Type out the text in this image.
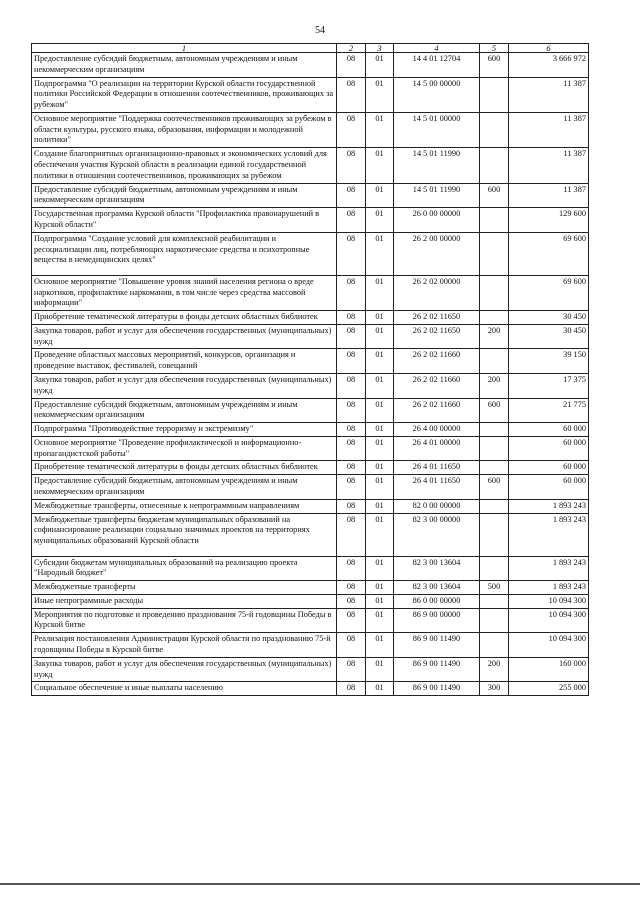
54
1	2	3	4	5	6
Предоставление субсидий бюджетным, автономным учреждениям и иным некоммерческим организациям	08	01	14 4 01 12704	600	3 666 972
Подпрограмма "О реализации на территории Курской области государственной политики Российской Федерации в отношении соотечественников, проживающих за рубежом"	08	01	14 5 00 00000		11 387
Основное мероприятие "Поддержка соотечественников проживающих за рубежом в области культуры, русского языка, образования, информации и молодежной политики"	08	01	14 5 01 00000		11 387
Создание благоприятных организационно-правовых и экономических условий для обеспечения участия Курской области в реализации единой государственной политики в отношении соотечественников, проживающих за рубежом	08	01	14 5 01 11990		11 387
Предоставление субсидий бюджетным, автономным учреждениям и иным некоммерческим организациям	08	01	14 5 01 11990	600	11 387
Государственная программа Курской области "Профилактика правонарушений в Курской области"	08	01	26 0 00 00000		129 600
Подпрограмма "Создание условий для комплексной реабилитации и ресоциализации лиц, потребляющих наркотические средства и психотропные вещества в немедицинских целях"	08	01	26 2 00 00000		69 600
Основное мероприятие "Повышение уровня знаний населения региона о вреде наркотиков, профилактике наркомании, в том числе через средства массовой информации"	08	01	26 2 02 00000		69 600
Приобретение тематической литературы в фонды детских областных библиотек	08	01	26 2 02 11650		30 450
Закупка товаров, работ и услуг для обеспечения государственных (муниципальных) нужд	08	01	26 2 02 11650	200	30 450
Проведение областных массовых мероприятий, конкурсов, организация и проведение выставок, фестивалей, совещаний	08	01	26 2 02 11660		39 150
Закупка товаров, работ и услуг для обеспечения государственных (муниципальных) нужд	08	01	26 2 02 11660	200	17 375
Предоставление субсидий бюджетным, автономным учреждениям и иным некоммерческим организациям	08	01	26 2 02 11660	600	21 775
Подпрограмма "Противодействие терроризму и экстремизму"	08	01	26 4 00 00000		60 000
Основное мероприятие "Проведение профилактической и информационно-пропагандистской работы"	08	01	26 4 01 00000		60 000
Приобретение тематической литературы в фонды детских областных библиотек	08	01	26 4 01 11650		60 000
Предоставление субсидий бюджетным, автономным учреждениям и иным некоммерческим организациям	08	01	26 4 01 11650	600	60 000
Межбюджетные трансферты, отнесенные к непрограммным направлениям	08	01	82 0 00 00000		1 893 243
Межбюджетные трансферты бюджетам муниципальных образований на софинансирование реализации социально значимых проектов на территориях муниципальных образований Курской области	08	01	82 3 00 00000		1 893 243
Субсидии бюджетам муниципальных образований на реализацию проекта "Народный бюджет"	08	01	82 3 00 13604		1 893 243
Межбюджетные трансферты	08	01	82 3 00 13604	500	1 893 243
Иные непрограммные расходы	08	01	86 0 00 00000		10 094 300
Мероприятия по подготовке и проведению празднования 75-й годовщины Победы в Курской битве	08	01	86 9 00 00000		10 094 300
Реализация постановления Администрации Курской области по празднованию 75-й годовщины Победы в Курской битве	08	01	86 9 00 11490		10 094 300
Закупка товаров, работ и услуг для обеспечения государственных (муниципальных) нужд	08	01	86 9 00 11490	200	160 000
Социальное обеспечение и иные выплаты населению	08	01	86 9 00 11490	300	255 000
